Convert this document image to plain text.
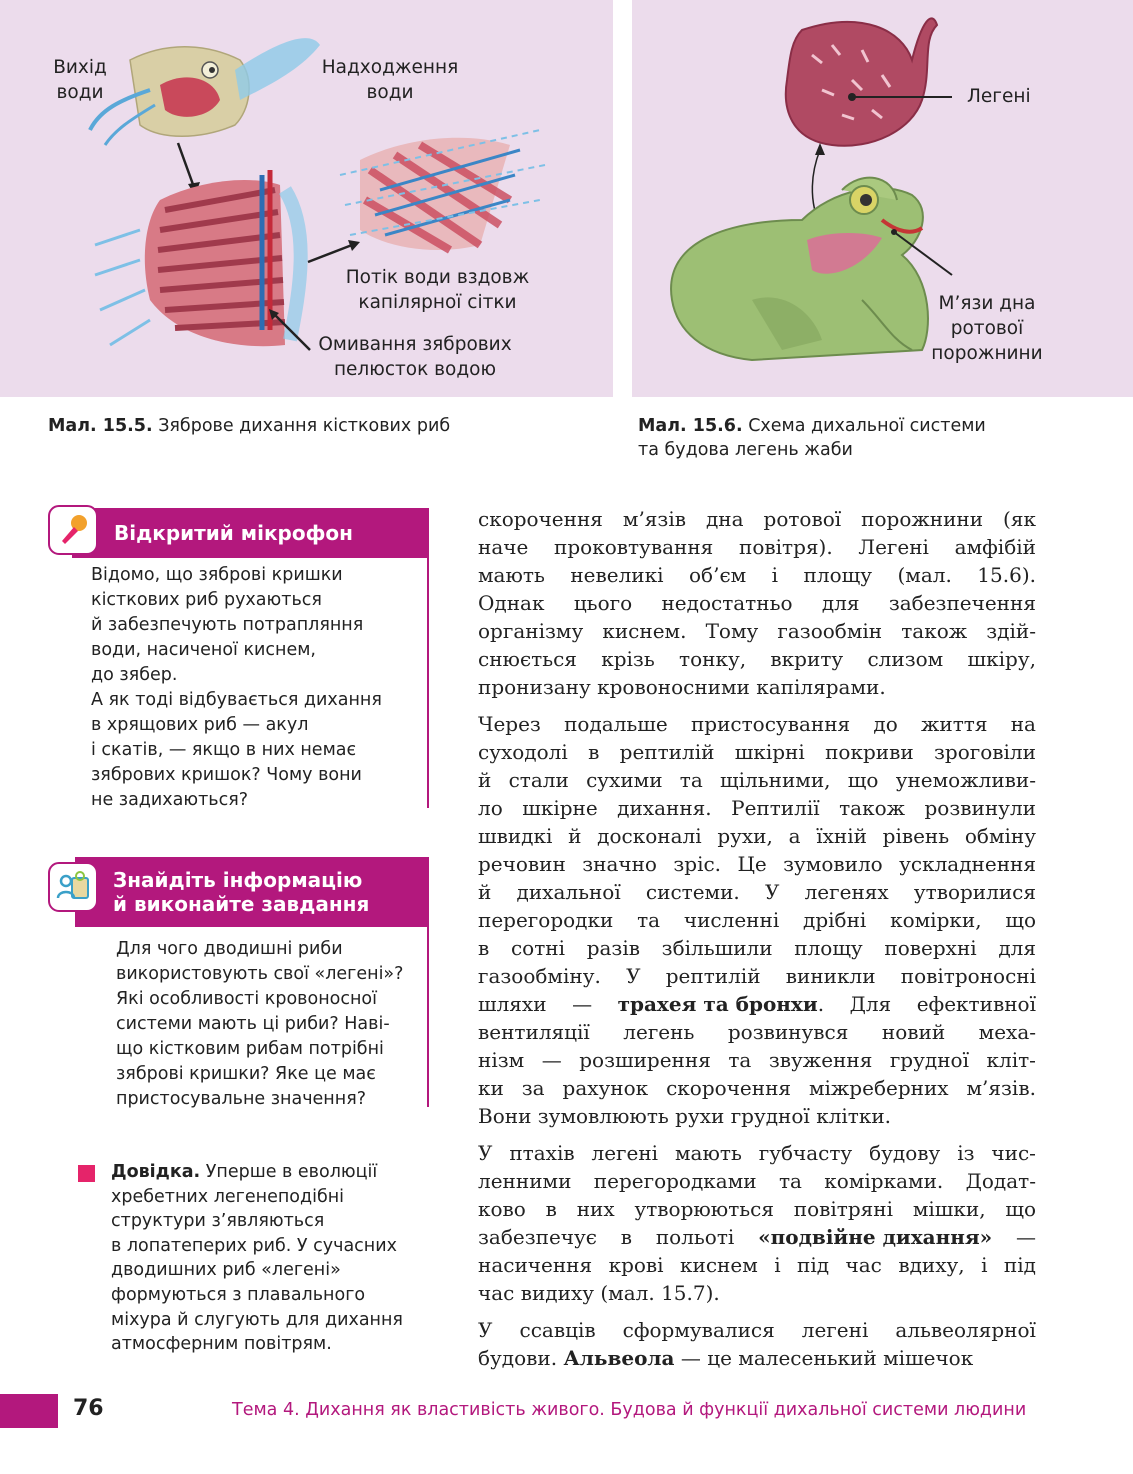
Вихід
води
Надходження
води
Потік води вздовж
капілярної сітки
Омивання зябрових
пелюсток водою
Легені
М’язи дна
ротової
порожнини
Мал. 15.5. Зяброве дихання кісткових риб	Мал. 15.6. Схема дихальної системи
та будова легень жаби
Відкритий мікрофон
Відомо, що зяброві кришки
кісткових риб рухаються
й забезпечують потрапляння
води, насиченої киснем,
до зябер.
А як тоді відбувається дихання
в хрящових риб — акул
і скатів, — якщо в них немає
зябрових кришок? Чому вони
не задихаються?
Знайдіть інформацію
й виконайте завдання
Для чого дводишні риби
використовують свої «легені»?
Які особливості кровоносної
системи мають ці риби? Наві-
що кістковим рибам потрібні
зяброві кришки? Яке це має
пристосувальне значення?
Довідка. Уперше в еволюції
хребетних легенеподібні
структури з’являються
в лопатеперих риб. У сучасних
дводишних риб «легені»
формуються з плавального
міхура й слугують для дихання
атмосферним повітрям.
скорочення м’язів дна ротової порожнини (як
наче проковтування повітря). Легені амфібій
мають невеликі об’єм і площу (мал. 15.6).
Однак цього недостатньо для забезпечення
організму киснем. Тому газообмін також здій-
снюється крізь тонку, вкриту слизом шкіру,
пронизану кровоносними капілярами.
Через подальше пристосування до життя на
суходолі в рептилій шкірні покриви зроговіли
й стали сухими та щільними, що унеможливи-
ло шкірне дихання. Рептилії також розвинули
швидкі й досконалі рухи, а їхній рівень обміну
речовин значно зріс. Це зумовило ускладнення
й дихальної системи. У легенях утворилися
перегородки та численні дрібні комірки, що
в сотні разів збільшили площу поверхні для
газообміну. У рептилій виникли повітроносні
шляхи — трахея та бронхи. Для ефективної
вентиляції легень розвинувся новий меха-
нізм — розширення та звуження грудної кліт-
ки за рахунок скорочення міжреберних м’язів.
Вони зумовлюють рухи грудної клітки.
У птахів легені мають губчасту будову із чис-
ленними перегородками та комірками. Додат-
ково в них утворюються повітряні мішки, що
забезпечує в польоті «подвійне дихання» —
насичення крові киснем і під час вдиху, і під
час видиху (мал. 15.7).
У ссавців сформувалися легені альвеолярної
будови. Альвеола — це малесенький мішечок
76	Тема 4. Дихання як властивість живого. Будова й функції дихальної системи людини
